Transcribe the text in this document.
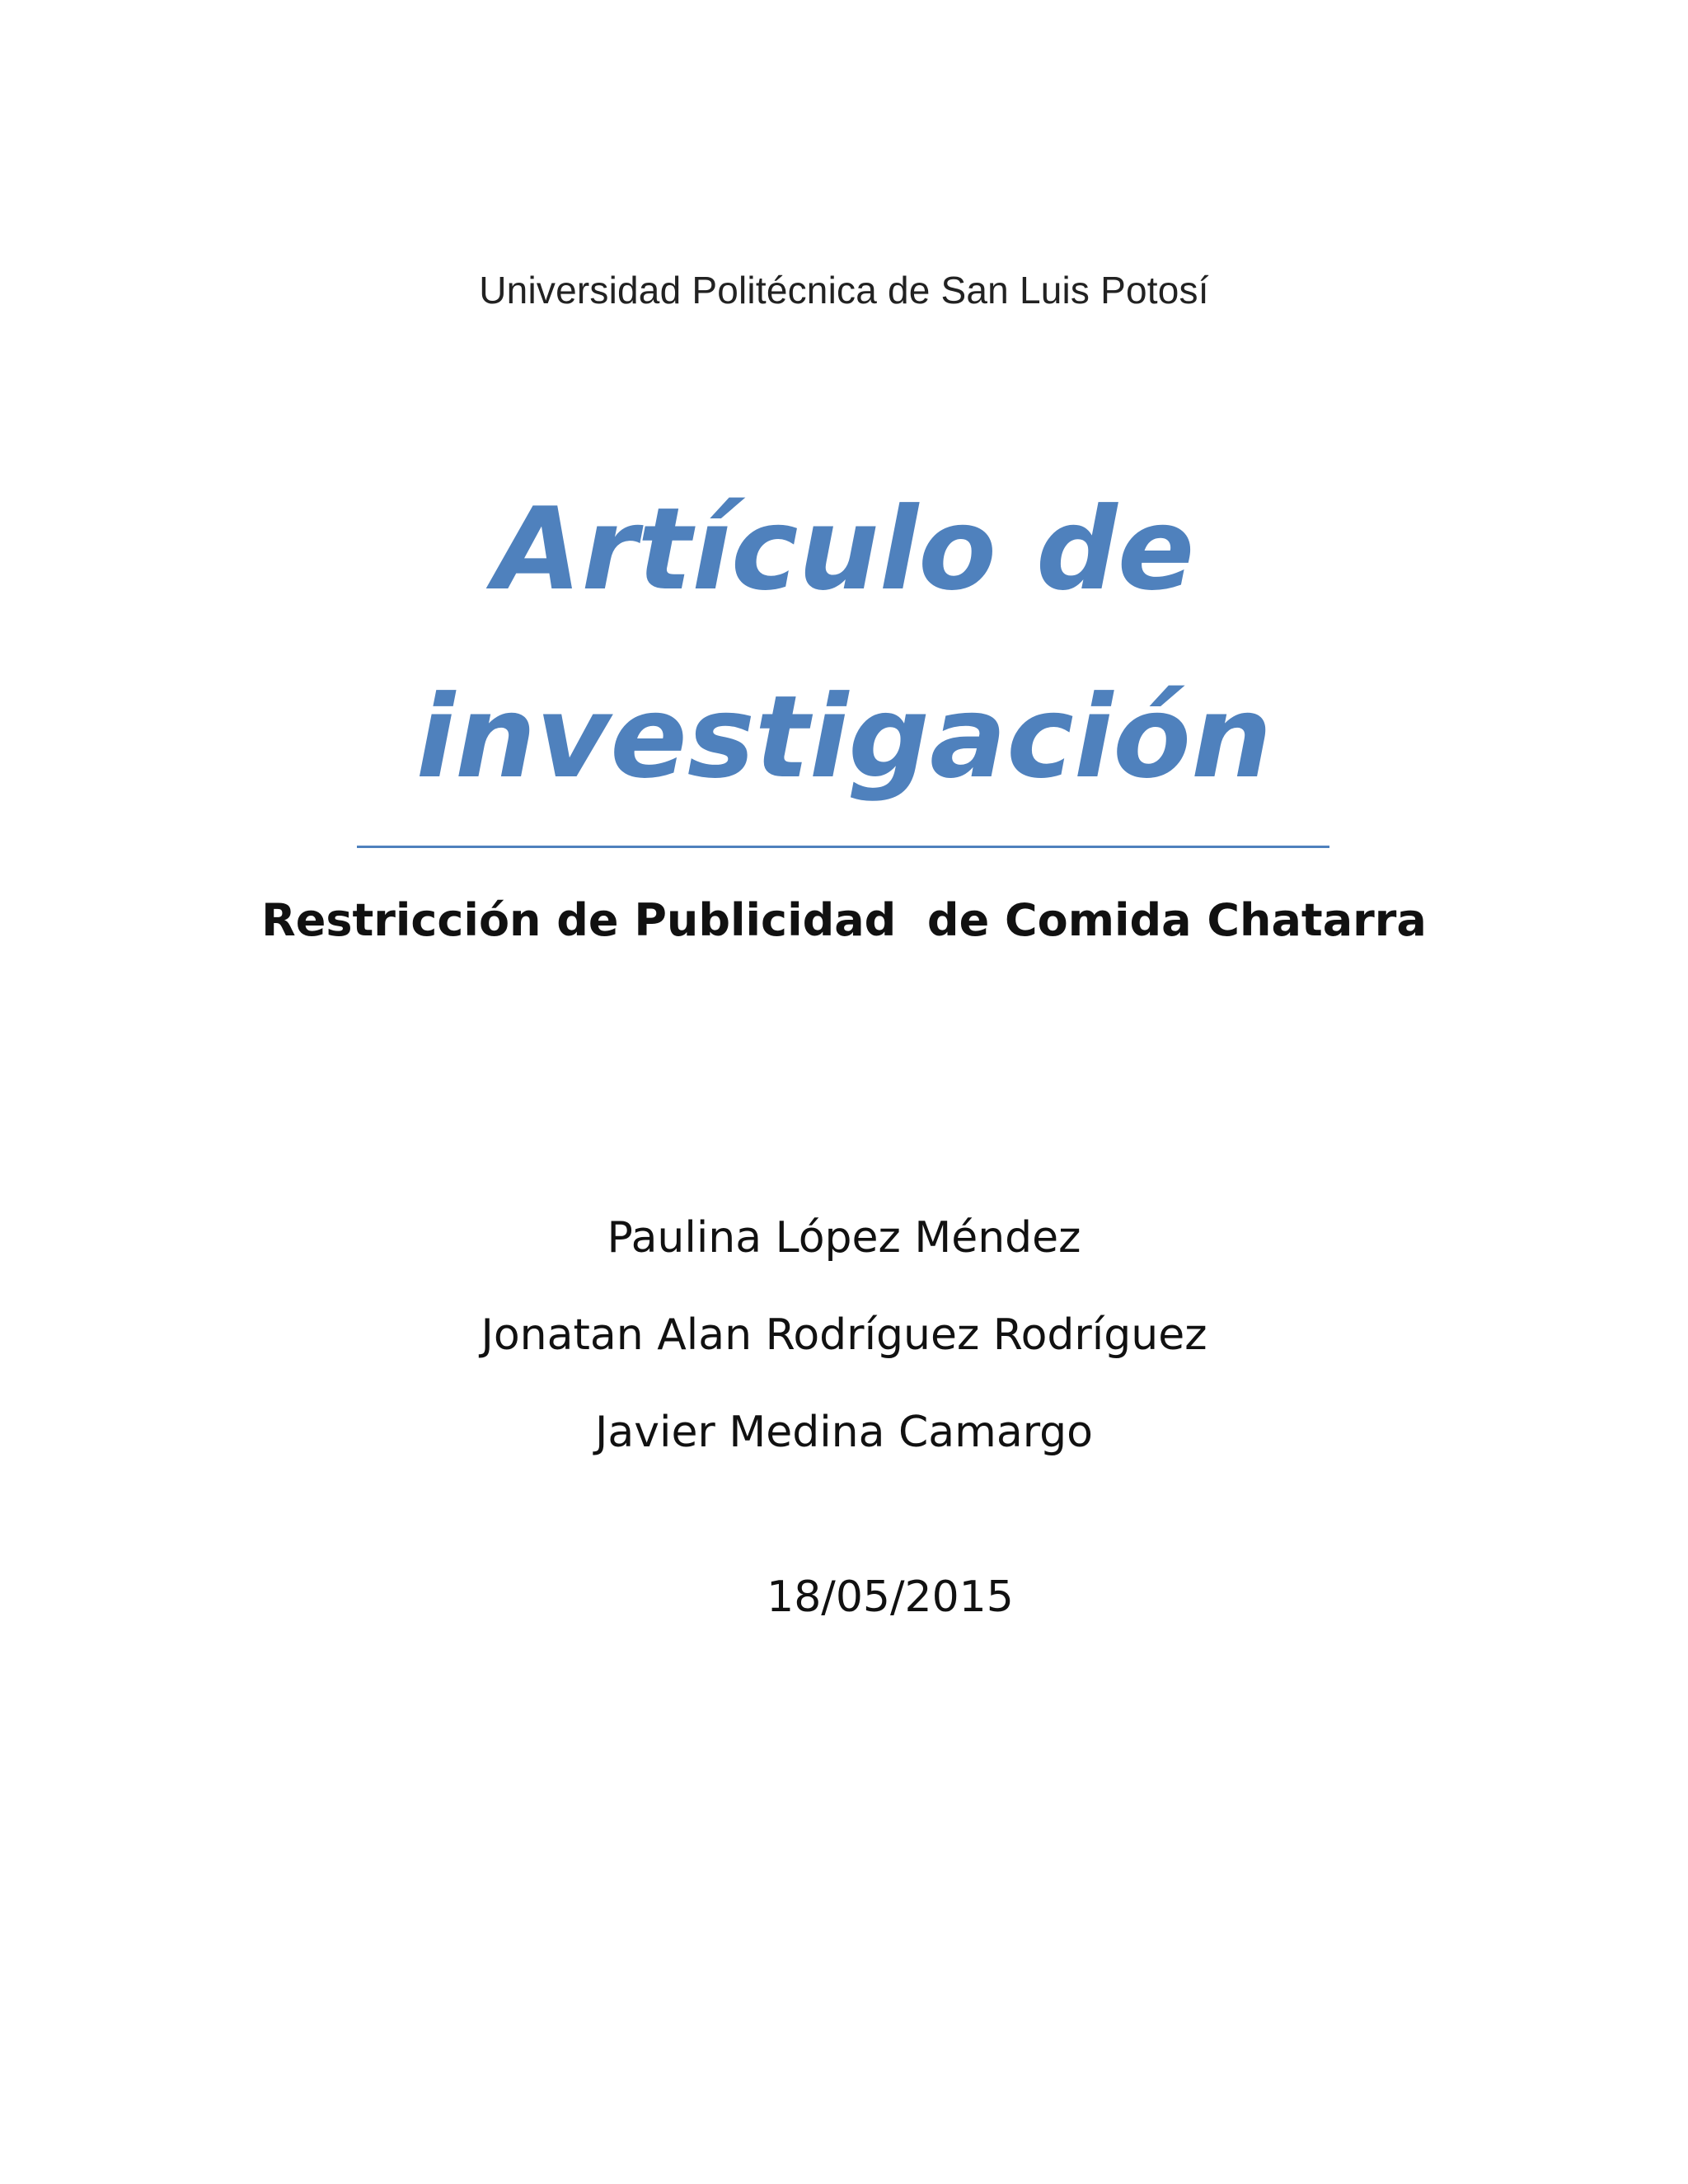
Universidad Politécnica de San Luis Potosí
Artículo de
investigación
Restricción de Publicidad  de Comida Chatarra
Paulina López Méndez
Jonatan Alan Rodríguez Rodríguez
Javier Medina Camargo
18/05/2015
